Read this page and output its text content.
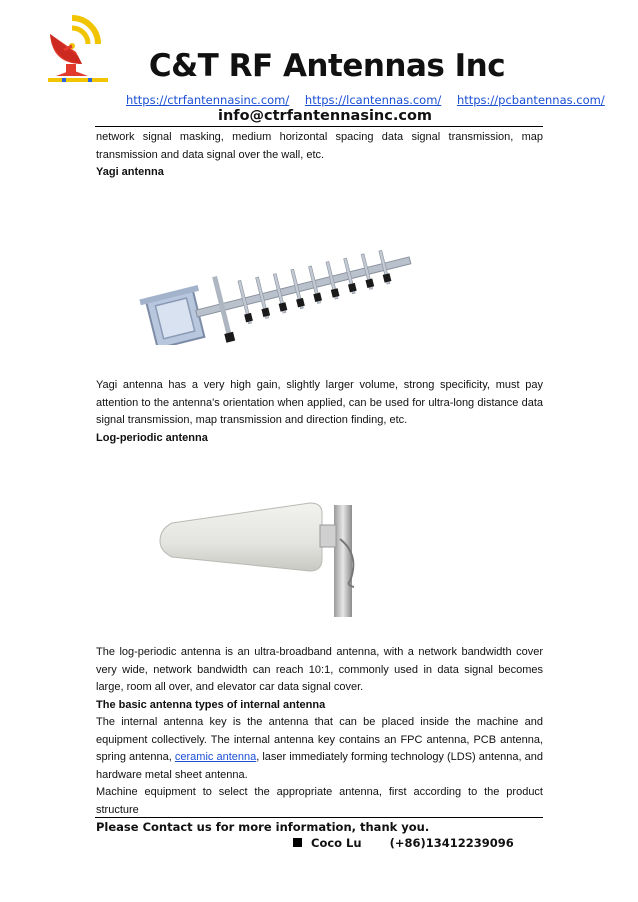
C&T RF Antennas Inc
https://ctrfantennasinc.com/ https://lcantennas.com/ https://pcbantennas.com/
info@ctrfantennasinc.com

network signal masking, medium horizontal spacing data signal transmission, map transmission and data signal over the wall, etc.

Yagi antenna

Yagi antenna has a very high gain, slightly larger volume, strong specificity, must pay attention to the antenna's orientation when applied, can be used for ultra-long distance data signal transmission, map transmission and direction finding, etc.

Log-periodic antenna

The log-periodic antenna is an ultra-broadband antenna, with a network bandwidth cover very wide, network bandwidth can reach 10:1, commonly used in data signal becomes large, room all over, and elevator car data signal cover.

The basic antenna types of internal antenna

The internal antenna key is the antenna that can be placed inside the machine and equipment collectively. The internal antenna key contains an FPC antenna, PCB antenna, spring antenna, ceramic antenna, laser immediately forming technology (LDS) antenna, and hardware metal sheet antenna.

Machine equipment to select the appropriate antenna, first according to the product structure

Please Contact us for more information, thank you.
Coco Lu (+86)13412239096
